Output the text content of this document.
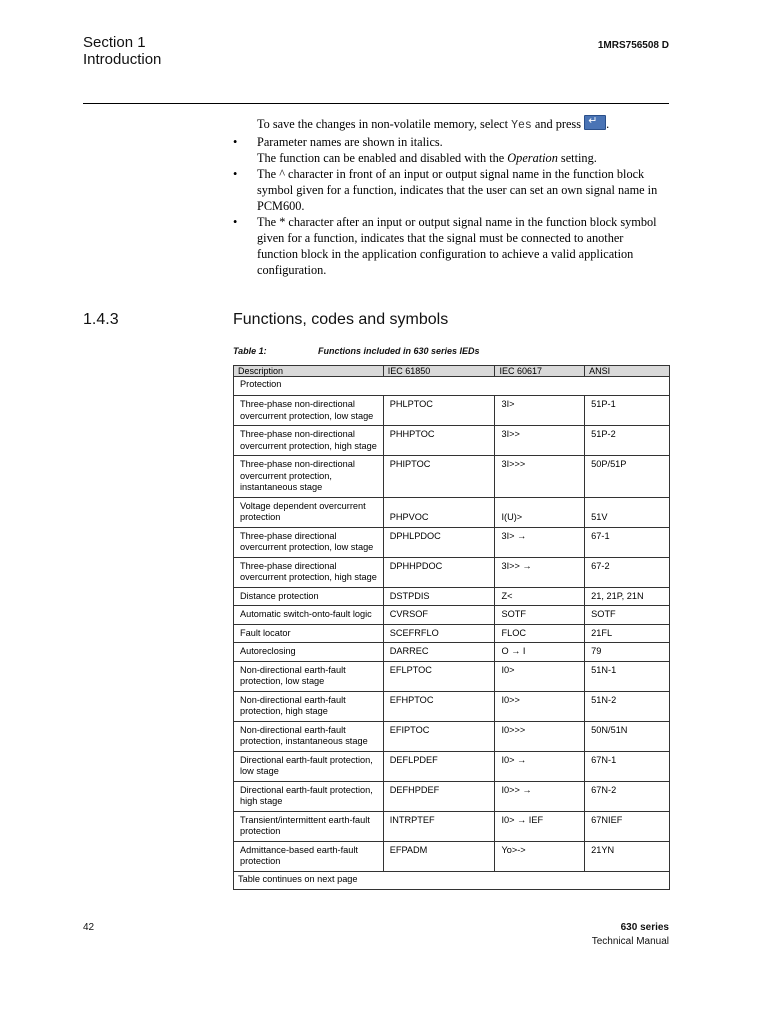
Section 1
Introduction
1MRS756508 D

To save the changes in non-volatile memory, select Yes and press ↵.

• Parameter names are shown in italics.
The function can be enabled and disabled with the Operation setting.

• The ^ character in front of an input or output signal name in the function block symbol given for a function, indicates that the user can set an own signal name in PCM600.

• The * character after an input or output signal name in the function block symbol given for a function, indicates that the signal must be connected to another function block in the application configuration to achieve a valid application configuration.

1.4.3	Functions, codes and symbols
Table 1:	Functions included in 630 series IEDs
Description	IEC 61850	IEC 60617	ANSI
Protection			
Three-phase non-directional overcurrent protection, low stage	PHLPTOC	3I>	51P-1
Three-phase non-directional overcurrent protection, high stage	PHHPTOC	3I>>	51P-2
Three-phase non-directional overcurrent protection, instantaneous stage	PHIPTOC	3I>>>	50P/51P
Voltage dependent overcurrent protection	PHPVOC	I(U)>	51V
Three-phase directional overcurrent protection, low stage	DPHLPDOC	3I> →	67-1
Three-phase directional overcurrent protection, high stage	DPHHPDOC	3I>> →	67-2
Distance protection	DSTPDIS	Z<	21, 21P, 21N
Automatic switch-onto-fault logic	CVRSOF	SOTF	SOTF
Fault locator	SCEFRFLO	FLOC	21FL
Autoreclosing	DARREC	O → I	79
Non-directional earth-fault protection, low stage	EFLPTOC	I0>	51N-1
Non-directional earth-fault protection, high stage	EFHPTOC	I0>>	51N-2
Non-directional earth-fault protection, instantaneous stage	EFIPTOC	I0>>>	50N/51N
Directional earth-fault protection, low stage	DEFLPDEF	I0> →	67N-1
Directional earth-fault protection, high stage	DEFHPDEF	I0>> →	67N-2
Transient/intermittent earth-fault protection	INTRPTEF	I0> → IEF	67NIEF
Admittance-based earth-fault protection	EFPADM	Yo>->	21YN
Table continues on next page			
42	630 series
Technical Manual
